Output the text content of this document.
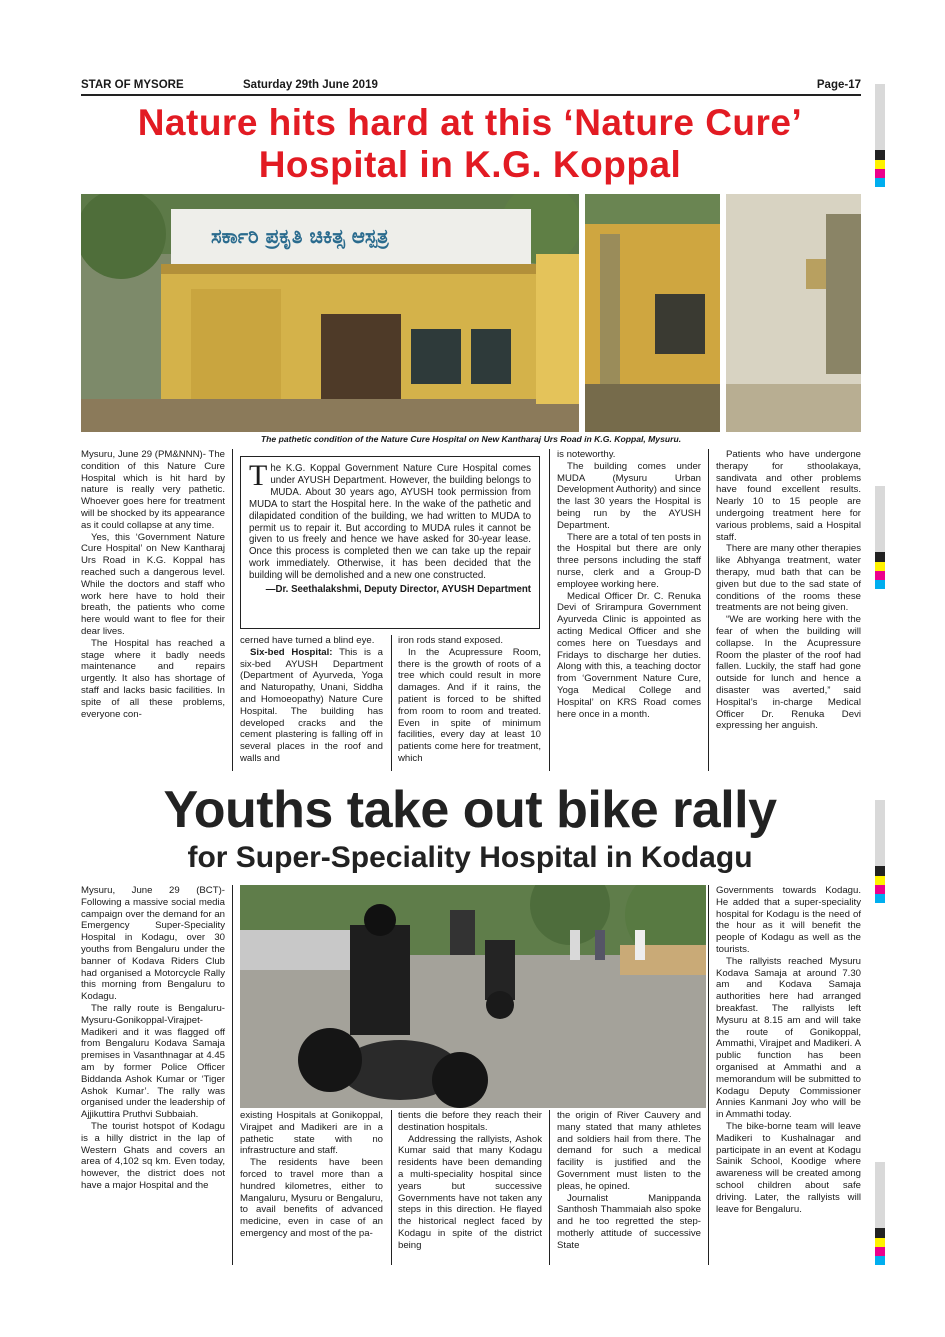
STAR OF MYSORE	Saturday 29th June 2019	Page-17
Nature hits hard at this ‘Nature Cure’
Hospital in K.G. Koppal
ಸರ್ಕಾರಿ ಪ್ರಕೃತಿ ಚಿಕಿತ್ಸ ಆಸ್ಪತ್ರ
The pathetic condition of the Nature Cure Hospital on New Kantharaj Urs Road in K.G. Koppal, Mysuru.

Mysuru, June 29 (PM&NNN)- The condition of this Nature Cure Hospital which is hit hard by nature is really very pathetic. Whoever goes here for treatment will be shocked by its appearance as it could collapse at any time.

Yes, this ‘Government Nature Cure Hospital’ on New Kantharaj Urs Road in K.G. Koppal has reached such a dangerous level. While the doctors and staff who work here have to hold their breath, the patients who come here would want to flee for their dear lives.

The Hospital has reached a stage where it badly needs maintenance and repairs urgently. It also has shortage of staff and lacks basic facilities. In spite of all these problems, everyone con-

T he K.G. Koppal Government Nature Cure Hospital comes under AYUSH Department. However, the building belongs to MUDA. About 30 years ago, AYUSH took permission from MUDA to start the Hospital here. In the wake of the pathetic and dilapidated condition of the building, we had written to MUDA to permit us to repair it. But according to MUDA rules it cannot be given to us freely and hence we have asked for 30-year lease. Once this process is completed then we can take up the repair work immediately. Otherwise, it has been decided that the building will be demolished and a new one constructed.
—Dr. Seethalakshmi, Deputy Director, AYUSH Department

cerned have turned a blind eye.

Six-bed Hospital: This is a six-bed AYUSH Department (Department of Ayurveda, Yoga and Naturopathy, Unani, Siddha and Homoeopathy) Nature Cure Hospital. The building has developed cracks and the cement plastering is falling off in several places in the roof and walls and

iron rods stand exposed.

In the Acupressure Room, there is the growth of roots of a tree which could result in more damages. And if it rains, the patient is forced to be shifted from room to room and treated. Even in spite of minimum facilities, every day at least 10 patients come here for treatment, which

is noteworthy.

The building comes under MUDA (Mysuru Urban Development Authority) and since the last 30 years the Hospital is being run by the AYUSH Department.

There are a total of ten posts in the Hospital but there are only three persons including the staff nurse, clerk and a Group-D employee working here.

Medical Officer Dr. C. Renuka Devi of Srirampura Government Ayurveda Clinic is appointed as acting Medical Officer and she comes here on Tuesdays and Fridays to discharge her duties. Along with this, a teaching doctor from ‘Government Nature Cure, Yoga Medical College and Hospital’ on KRS Road comes here once in a month.

Patients who have undergone therapy for sthoolakaya, sandivata and other problems have found excellent results. Nearly 10 to 15 people are undergoing treatment here for various problems, said a Hospital staff.

There are many other therapies like Abhyanga treatment, water therapy, mud bath that can be given but due to the sad state of conditions of the rooms these treatments are not being given.

“We are working here with the fear of when the building will collapse. In the Acupressure Room the plaster of the roof had fallen. Luckily, the staff had gone outside for lunch and hence a disaster was averted,” said Hospital’s in-charge Medical Officer Dr. Renuka Devi expressing her anguish.

Youths take out bike rally
for Super-Speciality Hospital in Kodagu

Mysuru, June 29 (BCT)- Following a massive social media campaign over the demand for an Emergency Super-Speciality Hospital in Kodagu, over 30 youths from Bengaluru under the banner of Kodava Riders Club had organised a Motorcycle Rally this morning from Bengaluru to Kodagu.

The rally route is Bengaluru-Mysuru-Gonikoppal-Virajpet-Madikeri and it was flagged off from Bengaluru Kodava Samaja premises in Vasanthnagar at 4.45 am by former Police Officer Biddanda Ashok Kumar or ‘Tiger Ashok Kumar’. The rally was organised under the leadership of Ajjikuttira Pruthvi Subbaiah.

The tourist hotspot of Kodagu is a hilly district in the lap of Western Ghats and covers an area of 4,102 sq km. Even today, however, the district does not have a major Hospital and the

existing Hospitals at Gonikoppal, Virajpet and Madikeri are in a pathetic state with no infrastructure and staff.

The residents have been forced to travel more than a hundred kilometres, either to Mangaluru, Mysuru or Bengaluru, to avail benefits of advanced medicine, even in case of an emergency and most of the pa-

tients die before they reach their destination hospitals.

Addressing the rallyists, Ashok Kumar said that many Kodagu residents have been demanding a multi-speciality hospital since years but successive Governments have not taken any steps in this direction. He flayed the historical neglect faced by Kodagu in spite of the district being

the origin of River Cauvery and many stated that many athletes and soldiers hail from there. The demand for such a medical facility is justified and the Government must listen to the pleas, he opined.

Journalist Manippanda Santhosh Thammaiah also spoke and he too regretted the step-motherly attitude of successive State

Governments towards Kodagu. He added that a super-speciality hospital for Kodagu is the need of the hour as it will benefit the people of Kodagu as well as the tourists.

The rallyists reached Mysuru Kodava Samaja at around 7.30 am and Kodava Samaja authorities here had arranged breakfast. The rallyists left Mysuru at 8.15 am and will take the route of Gonikoppal, Ammathi, Virajpet and Madikeri. A public function has been organised at Ammathi and a memorandum will be submitted to Kodagu Deputy Commissioner Annies Kanmani Joy who will be in Ammathi today.

The bike-borne team will leave Madikeri to Kushalnagar and participate in an event at Kodagu Sainik School, Koodige where awareness will be created among school children about safe driving. Later, the rallyists will leave for Bengaluru.
